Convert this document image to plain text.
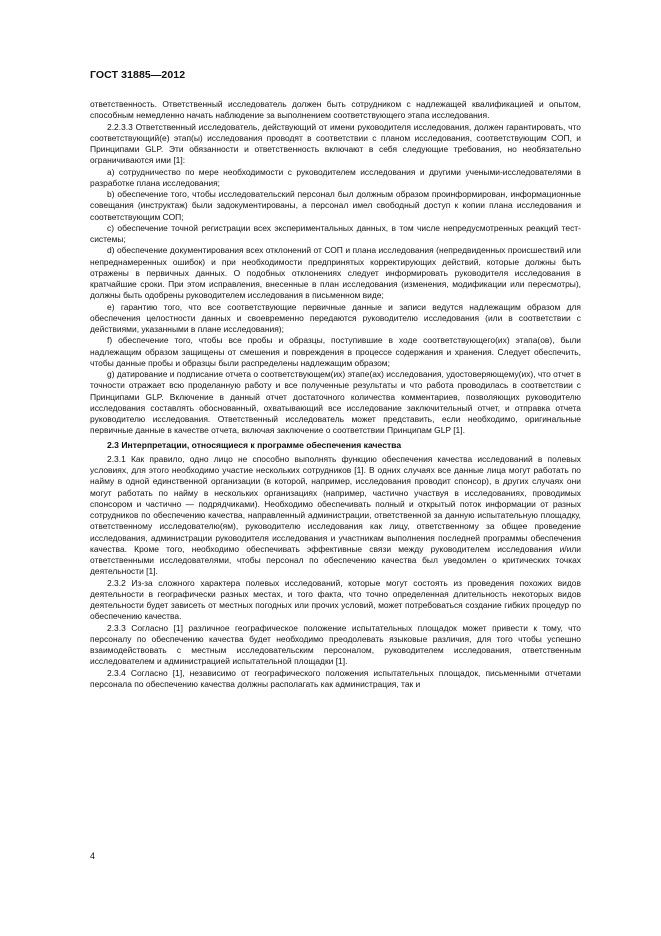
ГОСТ 31885—2012

ответственность. Ответственный исследователь должен быть сотрудником с надлежащей квалификацией и опытом, способным немедленно начать наблюдение за выполнением соответствующего этапа исследования.

2.2.3.3 Ответственный исследователь, действующий от имени руководителя исследования, должен гарантировать, что соответствующий(е) этап(ы) исследования проводят в соответствии с планом исследования, соответствующим СОП, и Принципами GLP. Эти обязанности и ответственность включают в себя следующие требования, но необязательно ограничиваются ими [1]:

а) сотрудничество по мере необходимости с руководителем исследования и другими учеными-исследователями в разработке плана исследования;

b) обеспечение того, чтобы исследовательский персонал был должным образом проинформирован, информационные совещания (инструктаж) были задокументированы, а персонал имел свободный доступ к копии плана исследования и соответствующим СОП;

с) обеспечение точной регистрации всех экспериментальных данных, в том числе непредусмотренных реакций тест-системы;

d) обеспечение документирования всех отклонений от СОП и плана исследования (непредвиденных происшествий или непреднамеренных ошибок) и при необходимости предпринятых корректирующих действий, которые должны быть отражены в первичных данных. О подобных отклонениях следует информировать руководителя исследования в кратчайшие сроки. При этом исправления, внесенные в план исследования (изменения, модификации или пересмотры), должны быть одобрены руководителем исследования в письменном виде;

е) гарантию того, что все соответствующие первичные данные и записи ведутся надлежащим образом для обеспечения целостности данных и своевременно передаются руководителю исследования (или в соответствии с действиями, указанными в плане исследования);

f) обеспечение того, чтобы все пробы и образцы, поступившие в ходе соответствующего(их) этапа(ов), были надлежащим образом защищены от смешения и повреждения в процессе содержания и хранения. Следует обеспечить, чтобы данные пробы и образцы были распределены надлежащим образом;

g) датирование и подписание отчета о соответствующем(их) этапе(ах) исследования, удостоверяющему(их), что отчет в точности отражает всю проделанную работу и все полученные результаты и что работа проводилась в соответствии с Принципами GLP. Включение в данный отчет достаточного количества комментариев, позволяющих руководителю исследования составлять обоснованный, охватывающий все исследование заключительный отчет, и отправка отчета руководителю исследования. Ответственный исследователь может представить, если необходимо, оригинальные первичные данные в качестве отчета, включая заключение о соответствии Принципам GLP [1].

2.3 Интерпретации, относящиеся к программе обеспечения качества

2.3.1 Как правило, одно лицо не способно выполнять функцию обеспечения качества исследований в полевых условиях, для этого необходимо участие нескольких сотрудников [1]. В одних случаях все данные лица могут работать по найму в одной единственной организации (в которой, например, исследования проводит спонсор), в других случаях они могут работать по найму в нескольких организациях (например, частично участвуя в исследованиях, проводимых спонсором и частично — подрядчиками). Необходимо обеспечивать полный и открытый поток информации от разных сотрудников по обеспечению качества, направленный администрации, ответственной за данную испытательную площадку, ответственному исследователю(ям), руководителю исследования как лицу, ответственному за общее проведение исследования, администрации руководителя исследования и участникам выполнения последней программы обеспечения качества. Кроме того, необходимо обеспечивать эффективные связи между руководителем исследования и/или ответственными исследователями, чтобы персонал по обеспечению качества был уведомлен о критических точках деятельности [1].

2.3.2 Из-за сложного характера полевых исследований, которые могут состоять из проведения похожих видов деятельности в географически разных местах, и того факта, что точно определенная длительность некоторых видов деятельности будет зависеть от местных погодных или прочих условий, может потребоваться создание гибких процедур по обеспечению качества.

2.3.3 Согласно [1] различное географическое положение испытательных площадок может привести к тому, что персоналу по обеспечению качества будет необходимо преодолевать языковые различия, для того чтобы успешно взаимодействовать с местным исследовательским персоналом, руководителем исследования, ответственным исследователем и администрацией испытательной площадки [1].

2.3.4 Согласно [1], независимо от географического положения испытательных площадок, письменными отчетами персонала по обеспечению качества должны располагать как администрация, так и

4
